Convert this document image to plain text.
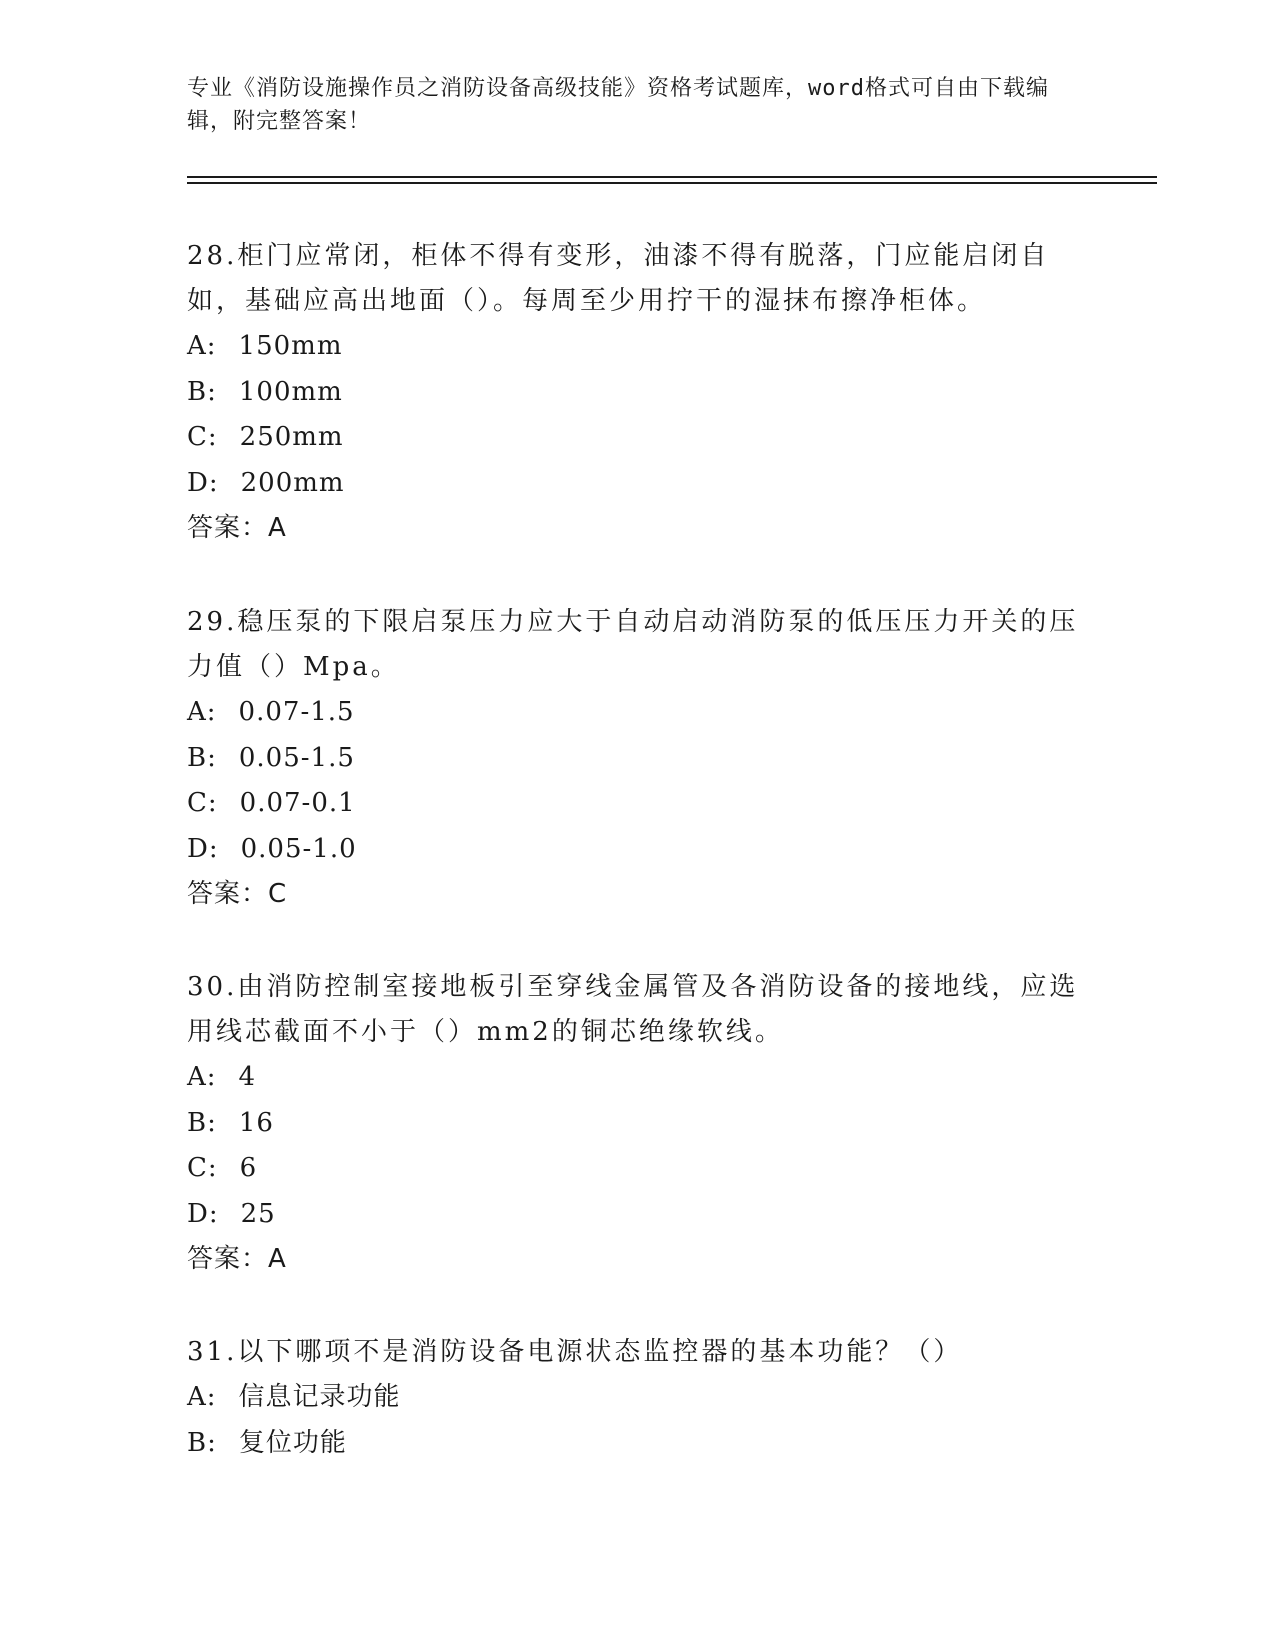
专业《消防设施操作员之消防设备高级技能》资格考试题库，word格式可自由下载编辑，附完整答案！

28.柜门应常闭，柜体不得有变形，油漆不得有脱落，门应能启闭自如，基础应高出地面（）。每周至少用拧干的湿抹布擦净柜体。

A: 150mm
B: 100mm
C: 250mm
D: 200mm
答案：A

29.稳压泵的下限启泵压力应大于自动启动消防泵的低压压力开关的压力值（）Mpa。

A: 0.07-1.5
B: 0.05-1.5
C: 0.07-0.1
D: 0.05-1.0
答案：C

30.由消防控制室接地板引至穿线金属管及各消防设备的接地线，应选用线芯截面不小于（）mm2的铜芯绝缘软线。

A: 4
B: 16
C: 6
D: 25
答案：A

31.以下哪项不是消防设备电源状态监控器的基本功能？（）

A: 信息记录功能
B: 复位功能
